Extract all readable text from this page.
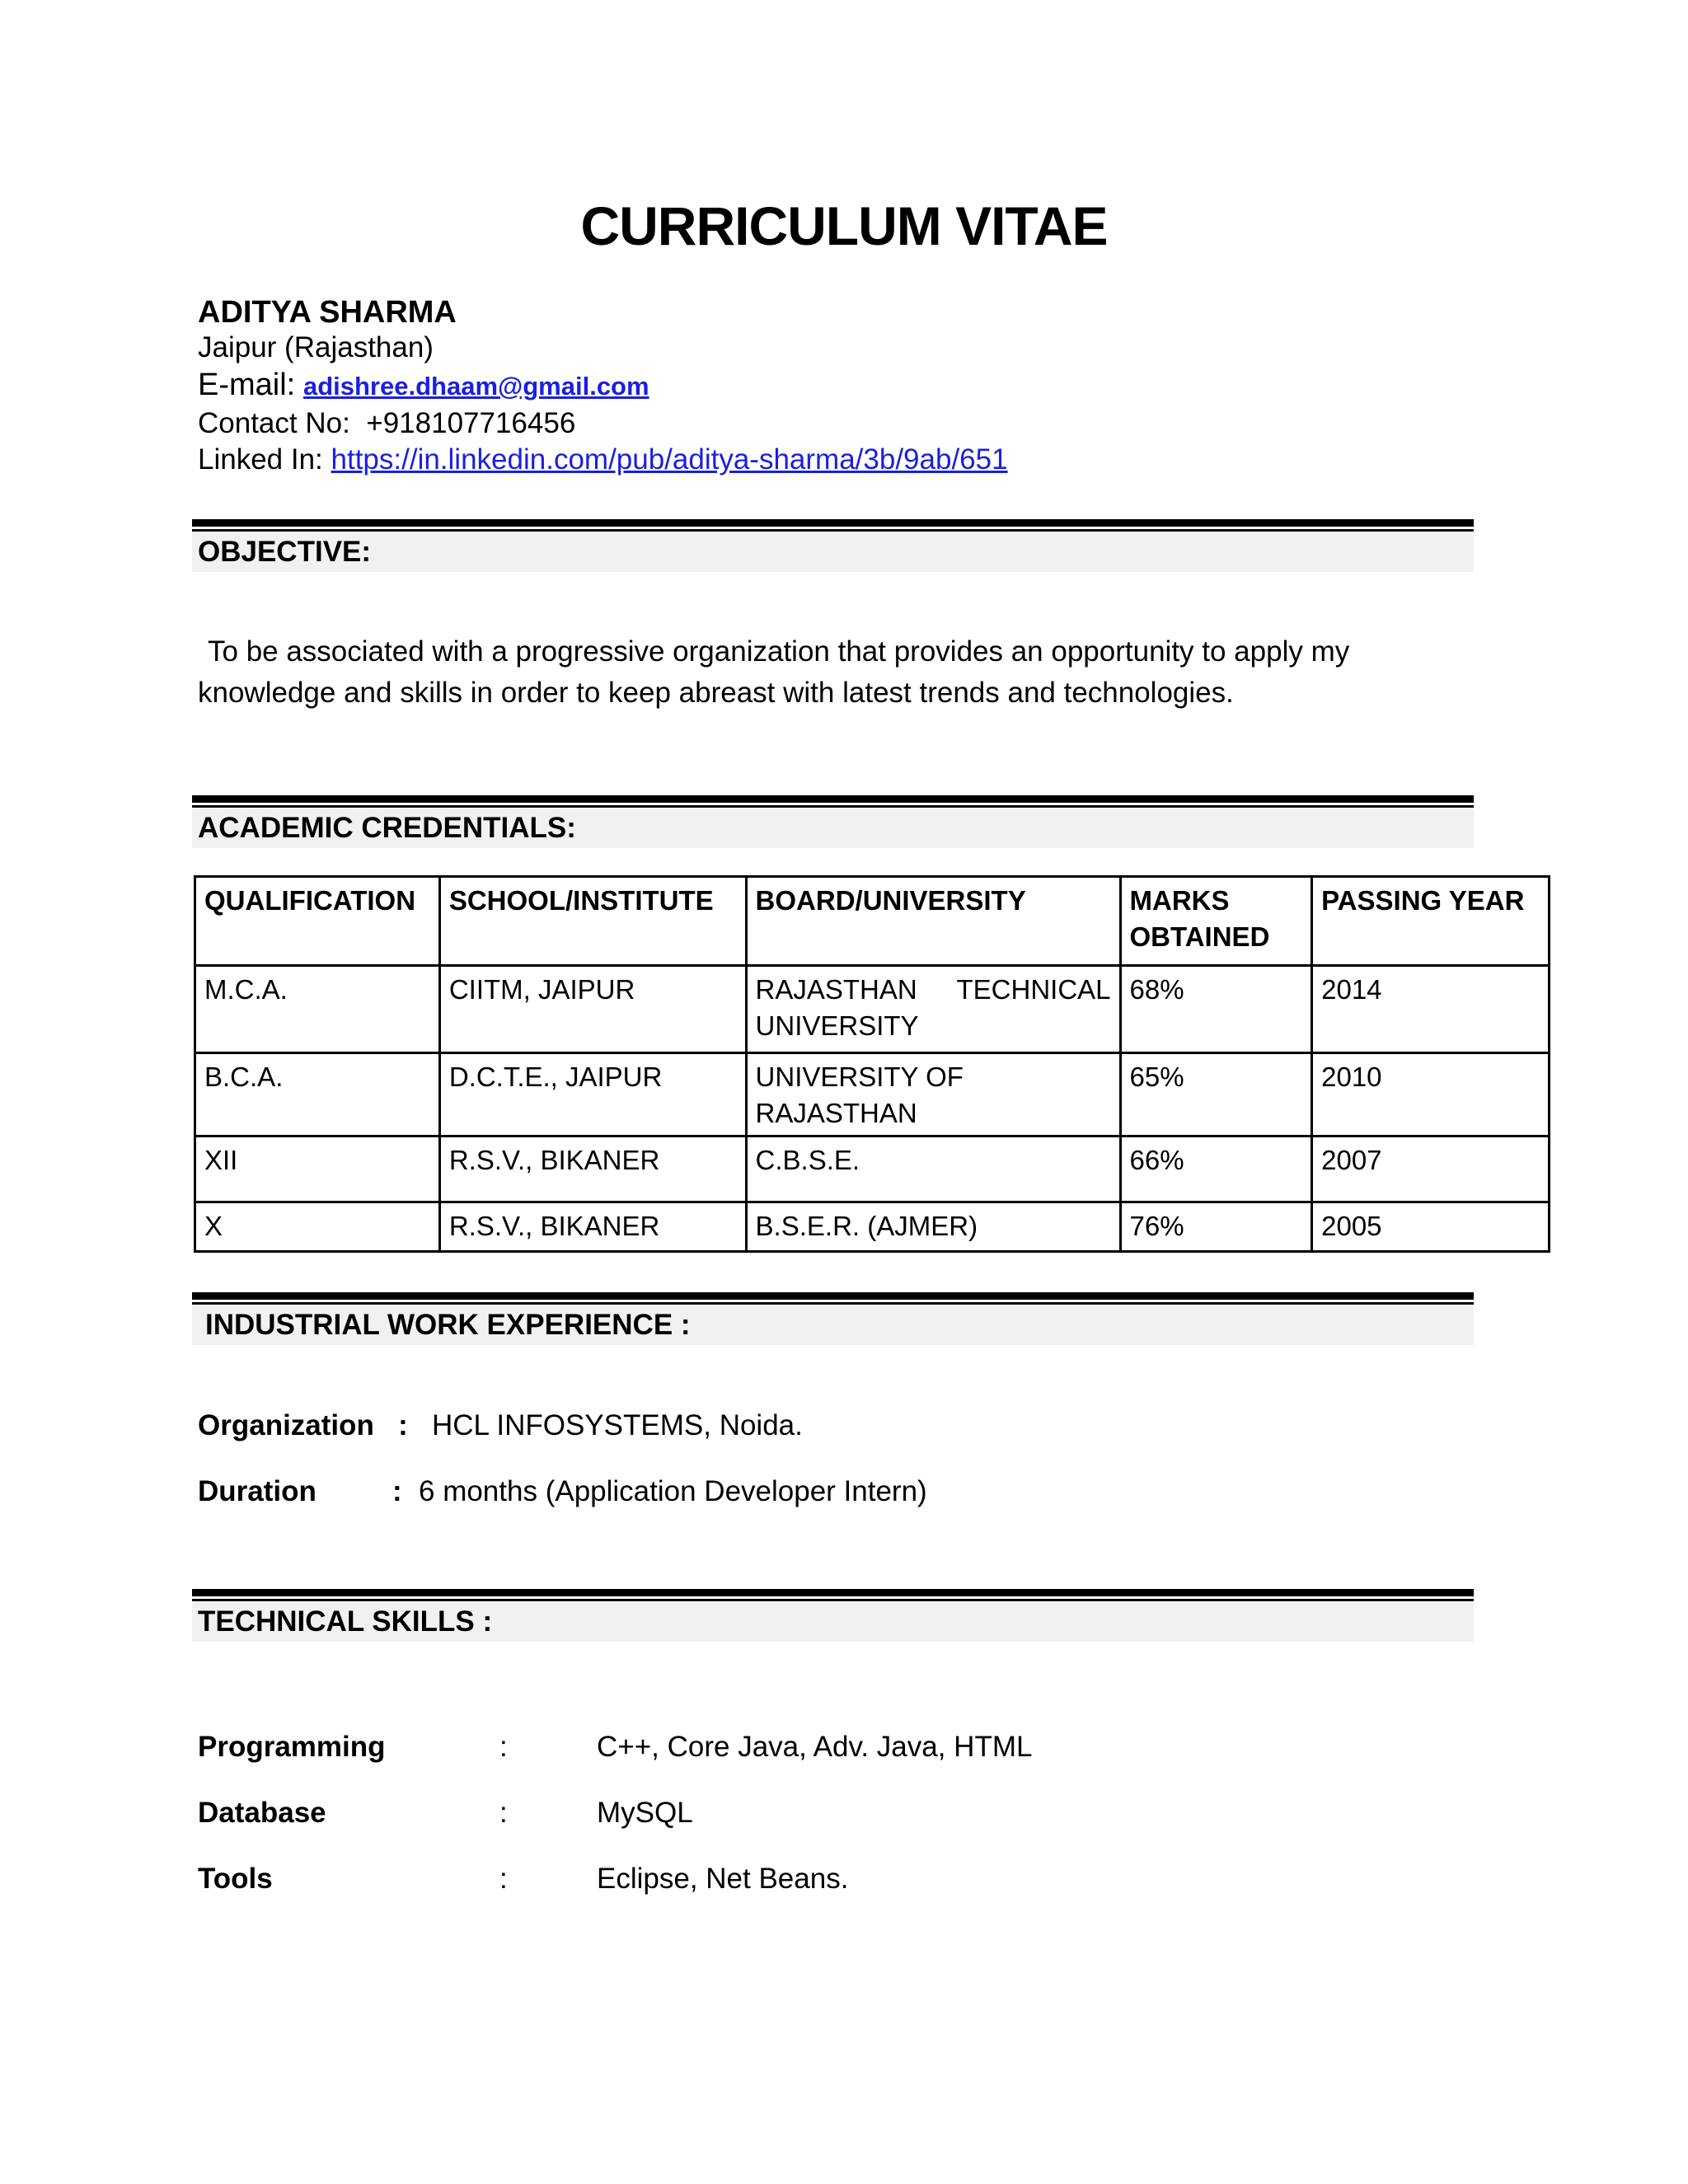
CURRICULUM VITAE
ADITYA SHARMA
Jaipur (Rajasthan)
E-mail: adishree.dhaam@gmail.com
Contact No: +918107716456
Linked In: https://in.linkedin.com/pub/aditya-sharma/3b/9ab/651
OBJECTIVE:
To be associated with a progressive organization that provides an opportunity to apply my knowledge and skills in order to keep abreast with latest trends and technologies.
ACADEMIC CREDENTIALS:
QUALIFICATION	SCHOOL/INSTITUTE	BOARD/UNIVERSITY	MARKS OBTAINED	PASSING YEAR
M.C.A.	CIITM, JAIPUR	RAJASTHAN TECHNICAL UNIVERSITY	68%	2014
B.C.A.	D.C.T.E., JAIPUR	UNIVERSITY OF RAJASTHAN	65%	2010
XII	R.S.V., BIKANER	C.B.S.E.	66%	2007
X	R.S.V., BIKANER	B.S.E.R. (AJMER)	76%	2005
INDUSTRIAL WORK EXPERIENCE :
Organization   :   HCL INFOSYSTEMS, Noida.
Duration	: 6 months (Application Developer Intern)
TECHNICAL SKILLS :
Programming	:	C++, Core Java, Adv. Java, HTML
Database	:	MySQL
Tools	:	Eclipse, Net Beans.
